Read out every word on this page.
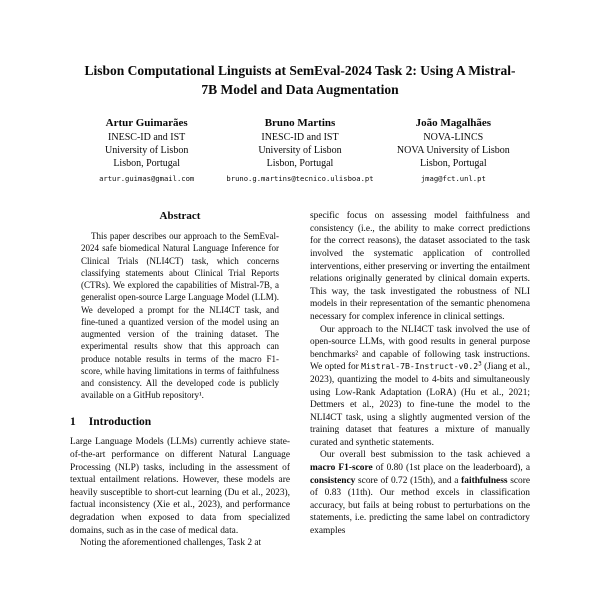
Lisbon Computational Linguists at SemEval-2024 Task 2: Using A Mistral-7B Model and Data Augmentation
Artur Guimarães
INESC-ID and IST
University of Lisbon
Lisbon, Portugal
artur.guimas@gmail.com
Bruno Martins
INESC-ID and IST
University of Lisbon
Lisbon, Portugal
bruno.g.martins@tecnico.ulisboa.pt
João Magalhães
NOVA-LINCS
NOVA University of Lisbon
Lisbon, Portugal
jmag@fct.unl.pt
Abstract

This paper describes our approach to the SemEval-2024 safe biomedical Natural Language Inference for Clinical Trials (NLI4CT) task, which concerns classifying statements about Clinical Trial Reports (CTRs). We explored the capabilities of Mistral-7B, a generalist open-source Large Language Model (LLM). We developed a prompt for the NLI4CT task, and fine-tuned a quantized version of the model using an augmented version of the training dataset. The experimental results show that this approach can produce notable results in terms of the macro F1-score, while having limitations in terms of faithfulness and consistency. All the developed code is publicly available on a GitHub repository¹.

1 Introduction

Large Language Models (LLMs) currently achieve state-of-the-art performance on different Natural Language Processing (NLP) tasks, including in the assessment of textual entailment relations. However, these models are heavily susceptible to short-cut learning (Du et al., 2023), factual inconsistency (Xie et al., 2023), and performance degradation when exposed to data from specialized domains, such as in the case of medical data.

Noting the aforementioned challenges, Task 2 at

specific focus on assessing model faithfulness and consistency (i.e., the ability to make correct predictions for the correct reasons), the dataset associated to the task involved the systematic application of controlled interventions, either preserving or inverting the entailment relations originally generated by clinical domain experts. This way, the task investigated the robustness of NLI models in their representation of the semantic phenomena necessary for complex inference in clinical settings.

Our approach to the NLI4CT task involved the use of open-source LLMs, with good results in general purpose benchmarks² and capable of following task instructions. We opted for Mistral-$7B-Instruct-v0.2^3$ (Jiang et al., 2023), quantizing the model to 4-bits and simultaneously using Low-Rank Adaptation (LoRA) (Hu et al., 2021; Dettmers et al., 2023) to fine-tune the model to the NLI4CT task, using a slightly augmented version of the training dataset that features a mixture of manually curated and synthetic statements.

Our overall best submission to the task achieved a macro F1-score of 0.80 (1st place on the leaderboard), a consistency score of 0.72 (15th), and a faithfulness score of 0.83 (11th). Our method excels in classification accuracy, but fails at being robust to perturbations on the statements, i.e. predicting the same label on contradictory examples
